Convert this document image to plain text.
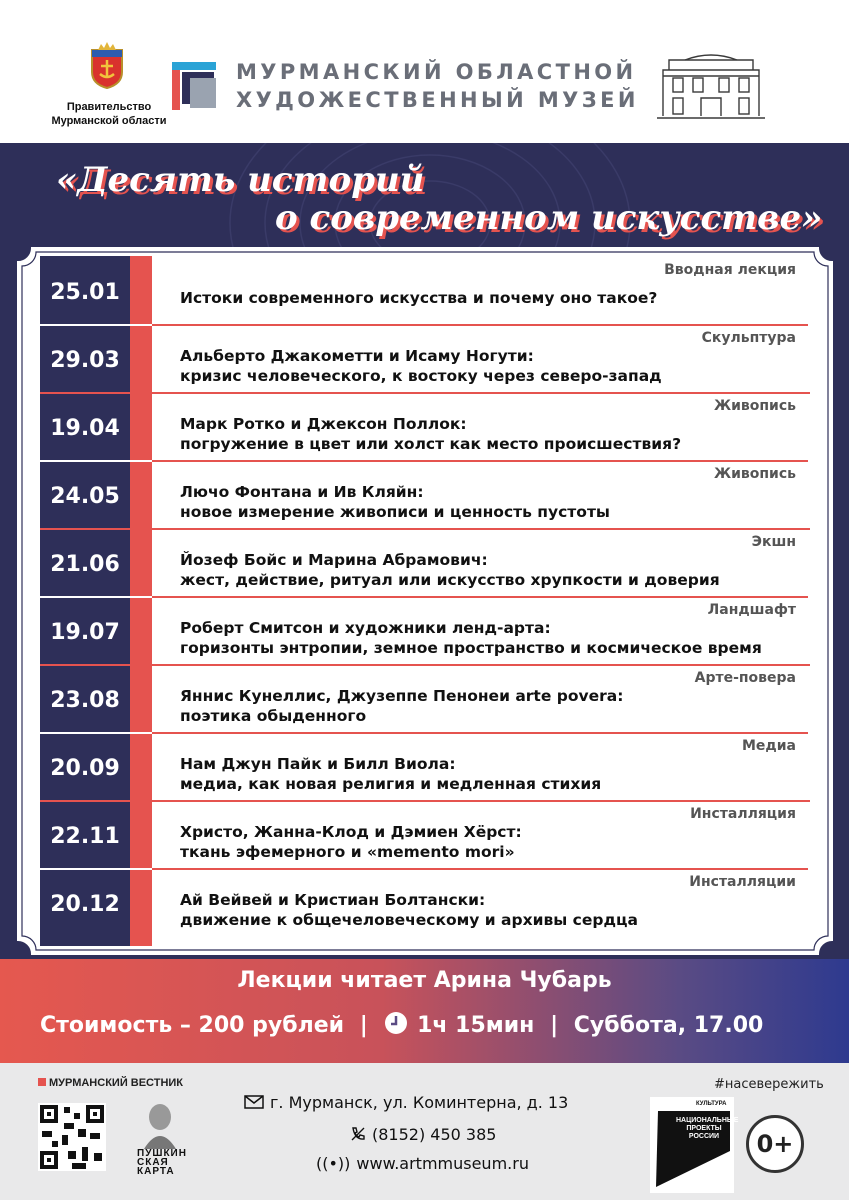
Правительство
Мурманской области
МУРМАНСКИЙ ОБЛАСТНОЙ
ХУДОЖЕСТВЕННЫЙ МУЗЕЙ
«Десять историй
о современном искусстве»
25.01
Вводная лекция
Истоки современного искусства и почему оно такое?
29.03
Скульптура
Альберто Джакометти и Исаму Ногути:
кризис человеческого, к востоку через северо-запад
19.04
Живопись
Марк Ротко и Джексон Поллок:
погружение в цвет или холст как место происшествия?
24.05
Живопись
Лючо Фонтана и Ив Кляйн:
новое измерение живописи и ценность пустоты
21.06
Экшн
Йозеф Бойс и Марина Абрамович:
жест, действие, ритуал или искусство хрупкости и доверия
19.07
Ландшафт
Роберт Смитсон и художники ленд-арта:
горизонты энтропии, земное пространство и космическое время
23.08
Арте-повера
Яннис Кунеллис, Джузеппе Пенонеи arte povera:
поэтика обыденного
20.09
Медиа
Нам Джун Пайк и Билл Виола:
медиа, как новая религия и медленная стихия
22.11
Инсталляция
Христо, Жанна-Клод и Дэмиен Хёрст:
ткань эфемерного и «memento mori»
20.12
Инсталляции
Ай Вейвей и Кристиан Болтански:
движение к общечеловеческому и архивы сердца
Лекции читает Арина Чубарь
Стоимость – 200 рублей | 1ч 15мин | Суббота, 17.00
МУРМАНСКИЙ ВЕСТНИК
ПУШКИН
СКАЯ
КАРТА
г. Мурманск, ул. Коминтерна, д. 13
(8152) 450 385
((•)) www.artmmuseum.ru
#насевережить
КУЛЬТУРА
НАЦИОНАЛЬНЫЕ
ПРОЕКТЫ
РОССИИ	0+
